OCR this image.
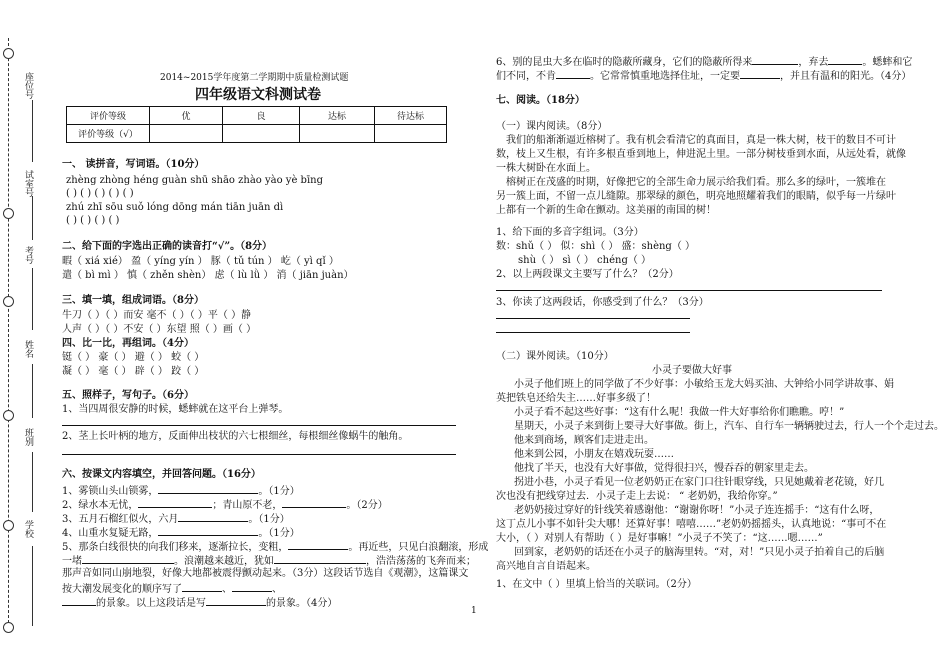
座位号
试室号
考号
姓名
班别
学校
2014~2015学年度第二学期期中质量检测试题
四年级语文科测试卷
评价等级	优	良	达标	待达标
评价等级（√）				
一、 读拼音，写词语。（10分）
zhèng zhòng héng guàn shū shāo zhào yào yè bīng
( ) ( ) ( ) ( ) ( )
zhú zhī sōu suǒ lóng dōng mán tiān juān dì
( ) ( ) ( ) ( )
二、给下面的字选出正确的读音打“√”。（8分）
暇（ xiá xié） 盈（ yíng yín ） 豚（ tǔ tún ） 屹（ yì qǐ ）
遣（ bì mì ） 慎（ zhěn shèn） 虑（ lù lǜ ） 消（ jiān juàn）
三、填一填，组成词语。（8分）
牛刀（ ）（ ）而安 毫不（ ）（ ）平（ ）静
人声（ ）（ ）不安（ ）东望 照（ ）画（ ）
四、比一比，再组词。（4分）
铤（ ） 豪（ ） 避（ ） 蛟（ ）
凝（ ） 毫（ ） 辟（ ） 跤（ ）
五、照样子，写句子。（6分）
1、当四周很安静的时候，蟋蟀就在这平台上弹琴。
2、茎上长叶柄的地方，反面伸出枝状的六七根细丝，每根细丝像蜗牛的触角。
六、按课文内容填空，并回答问题。（16分）
1、雾锁山头山锁雾，	。（1分）
2、绿水本无忧，	；青山原不老，	。（2分）
3、五月石榴红似火，六月	。（1分）
4、山重水复疑无路，	。（1分）
5、那条白线很快的向我们移来，逐渐拉长，变粗，	。再近些，只见白浪翻滚，形成
一堵	。浪潮越来越近，犹如	，浩浩荡荡的飞奔而来；
那声音如同山崩地裂，好像大地都被震得颤动起来。（3分）这段话节选自《观潮》，这篇课文
按大潮发展变化的顺序写了	、	、
的景象。以上这段话是写	的景象。（4分）
6、别的昆虫大多在临时的隐蔽所藏身，它们的隐蔽所得来	，弃去	。蟋蟀和它
们不同，不肯	。它常常慎重地选择住址，一定要	，并且有温和的阳光。（4分）
七、阅读。（18分）
（一）课内阅读。（8分）
我们的船渐渐逼近榕树了。我有机会看清它的真面目，真是一株大树，枝干的数目不可计
数，枝上又生根，有许多根直垂到地上，伸进泥土里。一部分树枝垂到水面，从远处看，就像
一株大树卧在水面上。
榕树正在茂盛的时期，好像把它的全部生命力展示给我们看。那么多的绿叶，一簇堆在
另一簇上面，不留一点儿缝隙。那翠绿的颜色，明亮地照耀着我们的眼睛，似乎每一片绿叶
上都有一个新的生命在颤动。这美丽的南国的树！
1、给下面的多音字组词。（3分）
数：shǔ（ ） 似：shì（ ） 盛：shèng（ ）
shù（ ） sì（ ） chéng（ ）
2、以上两段课文主要写了什么？（2分）
3、你读了这两段话，你感受到了什么？（3分）
（二）课外阅读。（10分）
小灵子要做大好事
小灵子他们班上的同学做了不少好事：小敏给玉龙大妈买油、大钟给小同学讲故事、娟
英把铁皂还给失主……好事多级了！
小灵子看不起这些好事：“这有什么呢！我做一件大好事给你们瞧瞧。哼！”
星期天，小灵子来到街上要寻大好事做。街上，汽车、自行车一辆辆驶过去，行人一个个走过去。
他来到商场，顾客们走进走出。
他来到公园，小朋友在嬉戏玩耍……
他找了半天，也没有大好事做，觉得很扫兴，慢吞吞的朝家里走去。
拐进小巷，小灵子看见一位老奶奶正在家门口往针眼穿线，只见她戴着老花镜，好几
次也没有把线穿过去．小灵子走上去说： “ 老奶奶，我给你穿。”
老奶奶接过穿好的针线笑着感谢他：“谢谢你呀！”小灵子连连摇手：“这有什么呀，
这丁点儿小事不如针尖大哪！还算好事！嘻嘻……”老奶奶摇摇头，认真地说：“事可不在
大小，（ ）对别人有帮助（ ）是好事嘛！”小灵子不笑了：“这……嗯……”
回到家，老奶奶的话还在小灵子的脑海里转。“对，对！”只见小灵子拍着自己的后脑
高兴地自言自语起来。
1、在文中（ ）里填上恰当的关联词。（2分）
1
